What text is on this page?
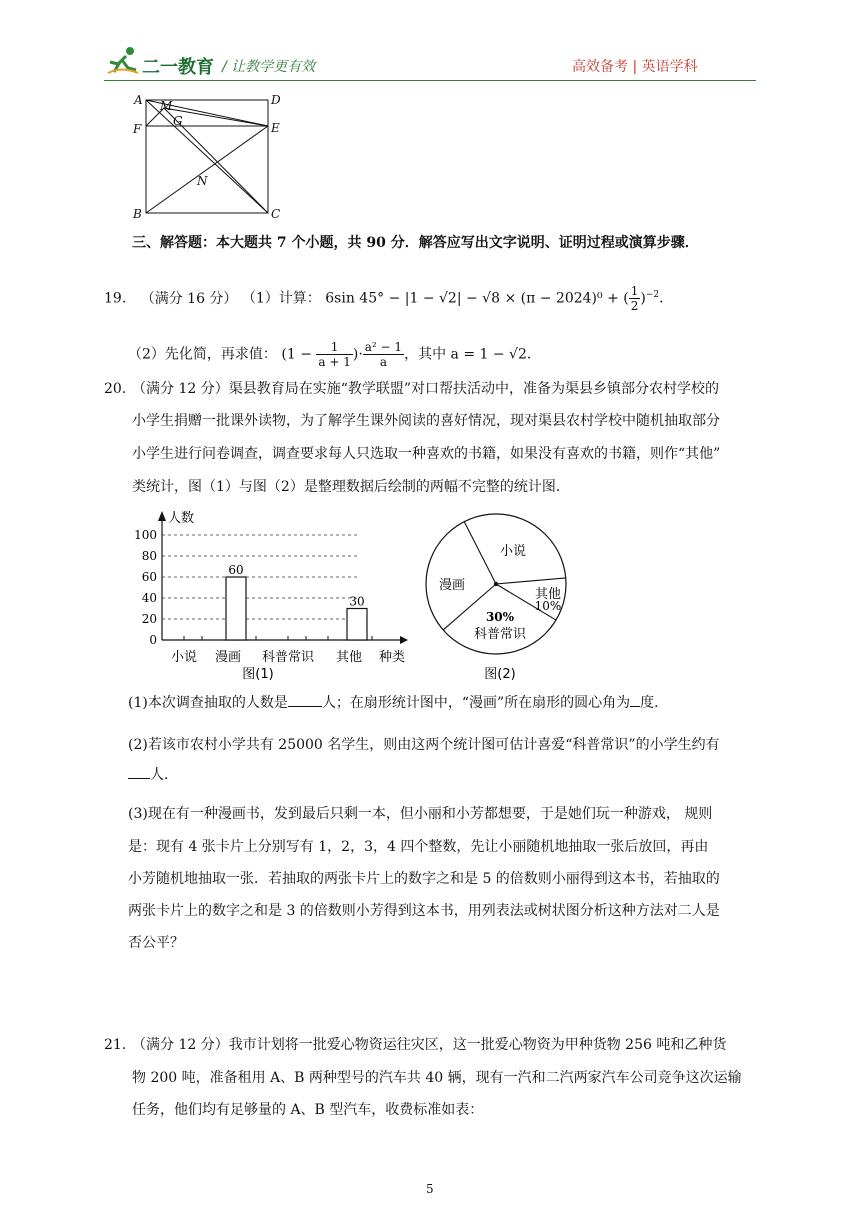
二一教育 / 让教学更有效	高效备考 | 英语学科
A	D
M
G
F	E
N
B	C
三、解答题：本大题共 7 个小题，共 90 分．解答应写出文字说明、证明过程或演算步骤．
19. （满分 16 分） （1）计算： 6sin 45° − |1 − √2| − √8 × (π − 2024)⁰ + ( $\frac{1}{2} )^{-2}$．
（2）先化简，再求值： ($1 - \frac{1}{a + 1}$ )· $\frac{\text{a² − 1}}{a}$ ，其中 a = 1 − √2．
20. （满分 12 分）渠县教育局在实施“教学联盟”对口帮扶活动中，准备为渠县乡镇部分农村学校的
小学生捐赠一批课外读物，为了解学生课外阅读的喜好情况，现对渠县农村学校中随机抽取部分
小学生进行问卷调查，调查要求每人只选取一种喜欢的书籍，如果没有喜欢的书籍，则作“其他”
类统计，图（1）与图（2）是整理数据后绘制的两幅不完整的统计图．
0
20
40
60
80
100
人数
小说 漫画 科普常识 其他 种类
60
30
图(1)
小说
漫画
其他
10%
30%
科普常识
图(2)
(1)本次调查抽取的人数是 人；在扇形统计图中，“漫画”所在扇形的圆心角为 度．
(2)若该市农村小学共有 25000 名学生，则由这两个统计图可估计喜爱“科普常识”的小学生约有
人．
(3)现在有一种漫画书，发到最后只剩一本，但小丽和小芳都想要，于是她们玩一种游戏， 规则
是：现有 4 张卡片上分别写有 1，2，3，4 四个整数，先让小丽随机地抽取一张后放回，再由
小芳随机地抽取一张．若抽取的两张卡片上的数字之和是 5 的倍数则小丽得到这本书，若抽取的
两张卡片上的数字之和是 3 的倍数则小芳得到这本书，用列表法或树状图分析这种方法对二人是
否公平？
21. （满分 12 分）我市计划将一批爱心物资运往灾区，这一批爱心物资为甲种货物 256 吨和乙种货
物 200 吨，准备租用 A、B 两种型号的汽车共 40 辆，现有一汽和二汽两家汽车公司竞争这次运输
任务，他们均有足够量的 A、B 型汽车，收费标准如表：
5
